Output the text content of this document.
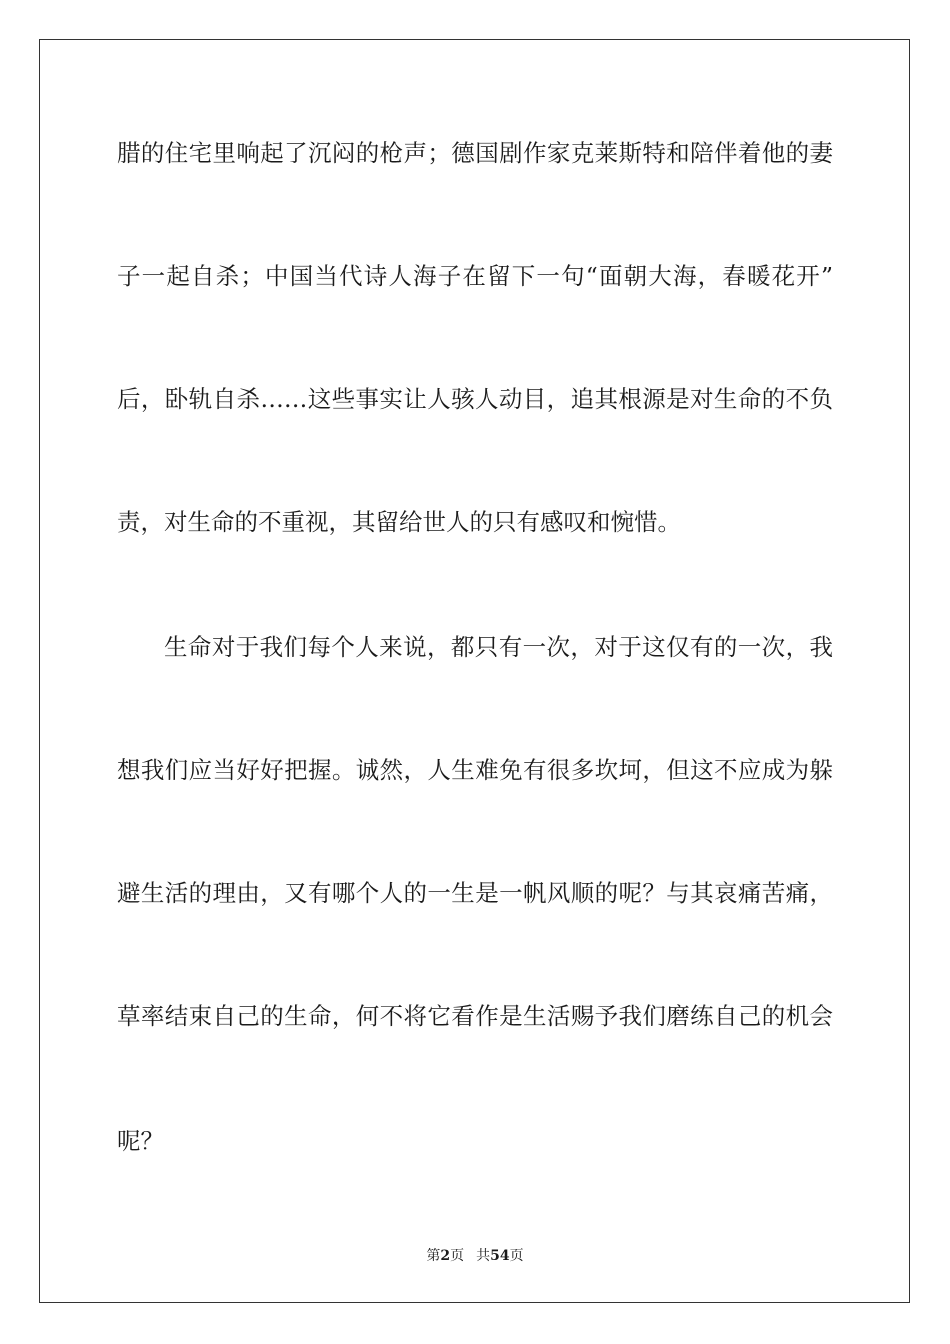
腊的住宅里响起了沉闷的枪声；德国剧作家克莱斯特和陪伴着他的妻
子一起自杀；中国当代诗人海子在留下一句“面朝大海，春暖花开”
后，卧轨自杀……这些事实让人骇人动目，追其根源是对生命的不负
责，对生命的不重视，其留给世人的只有感叹和惋惜。
生命对于我们每个人来说，都只有一次，对于这仅有的一次，我
想我们应当好好把握。诚然，人生难免有很多坎坷，但这不应成为躲
避生活的理由，又有哪个人的一生是一帆风顺的呢？与其哀痛苦痛，
草率结束自己的生命，何不将它看作是生活赐予我们磨练自己的机会
呢？
第2页 共54页
